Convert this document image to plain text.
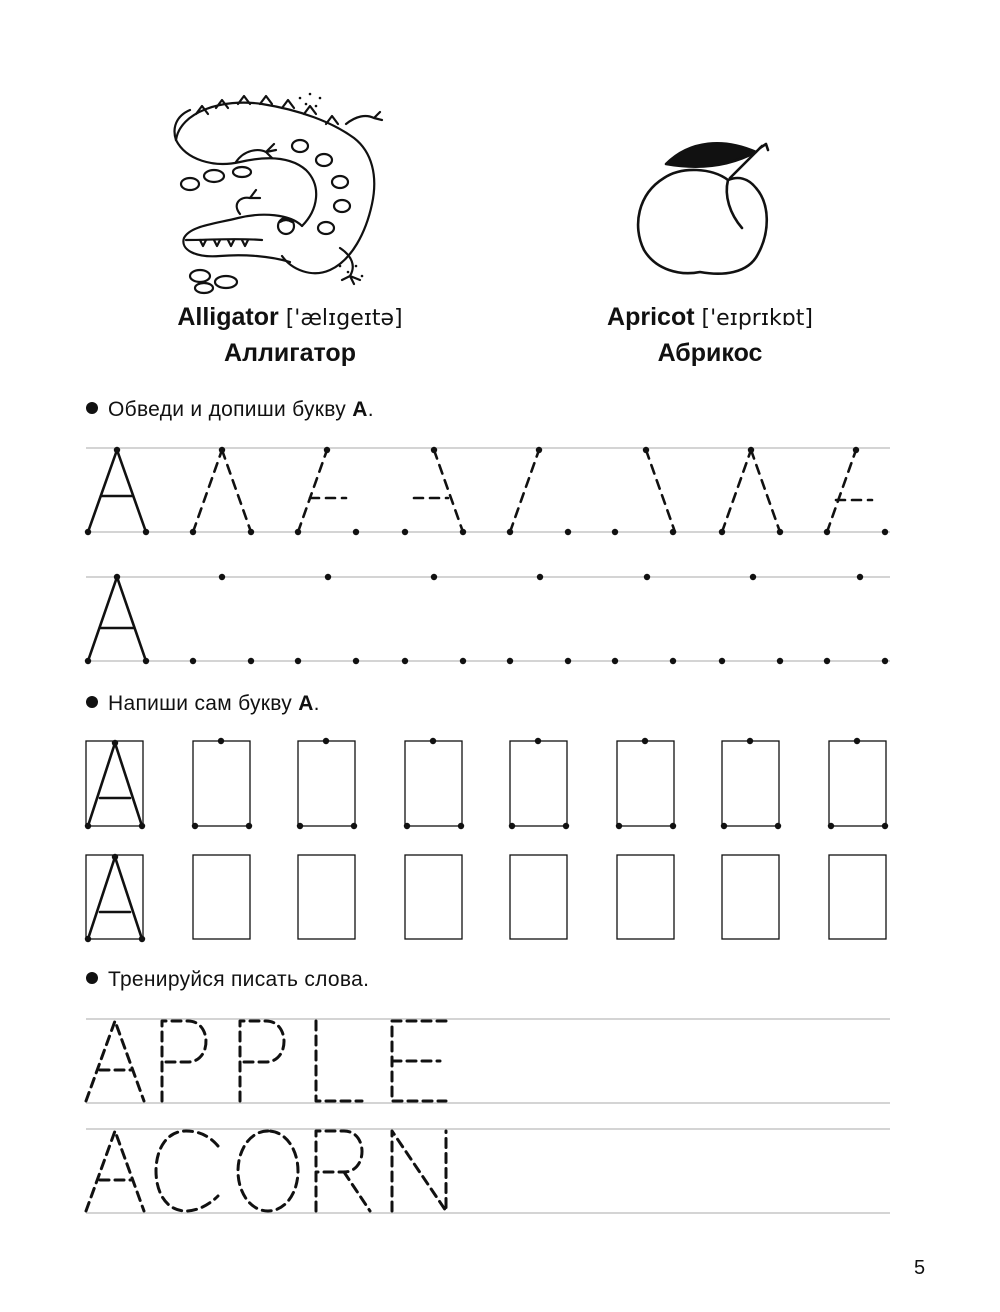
Alligator ['ælɪgeɪtə]
Аллигатор
Apricot ['eɪprɪkɒt]
Абрикос
Обведи и допиши букву А.
Напиши сам букву А.
Тренируйся писать слова.
5
